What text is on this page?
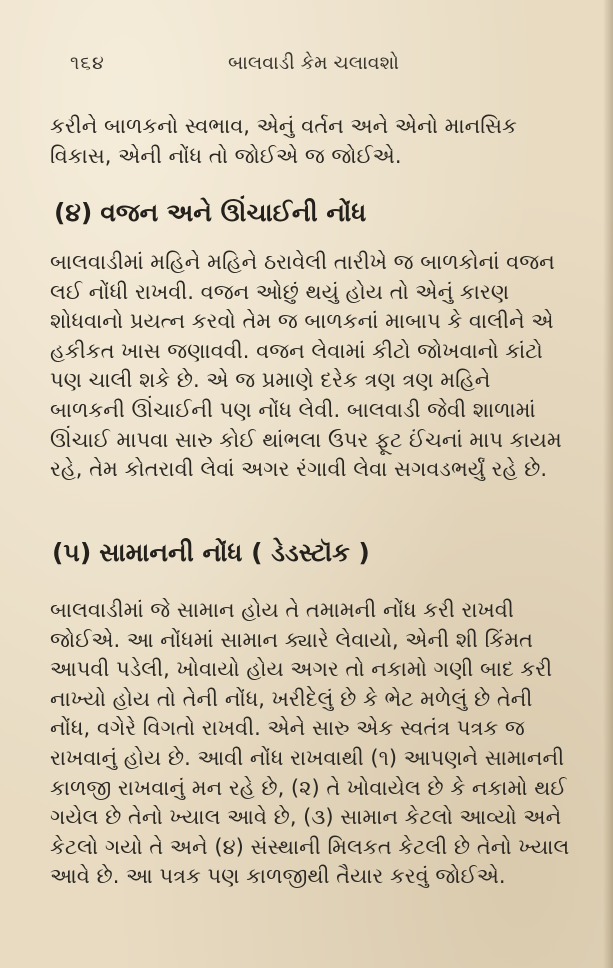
૧૬૪	બાલવાડી કેમ ચલાવશો

કરીને બાળકનો સ્વભાવ, એનું વર્તન અને એનો માનસિક વિકાસ, એની નોંધ તો જોઈએ જ જોઈએ.

(૪) વજન અને ઊંચાઈની નોંધ

બાલવાડીમાં મહિને મહિને ઠરાવેલી તારીખે જ બાળકોનાં વજન લઈ નોંધી રાખવી. વજન ઓછું થયું હોય તો એનું કારણ શોધવાનો પ્રયત્ન કરવો તેમ જ બાળકનાં માબાપ કે વાલીને એ હકીકત ખાસ જણાવવી. વજન લેવામાં કીટો જોખવાનો કાંટો પણ ચાલી શકે છે. એ જ પ્રમાણે દરેક ત્રણ ત્રણ મહિને બાળકની ઊંચાઈની પણ નોંધ લેવી. બાલવાડી જેવી શાળામાં ઊંચાઈ માપવા સારુ કોઈ થાંભલા ઉપર ફૂટ ઈંચનાં માપ કાયમ રહે, તેમ કોતરાવી લેવાં અગર રંગાવી લેવા સગવડભર્યું રહે છે.

(૫) સામાનની નોંધ ( ડેડસ્ટૉક )

બાલવાડીમાં જે સામાન હોય તે તમામની નોંધ કરી રાખવી જોઈએ. આ નોંધમાં સામાન ક્યારે લેવાયો, એની શી કિંમત આપવી પડેલી, ખોવાયો હોય અગર તો નકામો ગણી બાદ કરી નાખ્યો હોય તો તેની નોંધ, ખરીદેલું છે કે ભેટ મળેલું છે તેની નોંધ, વગેરે વિગતો રાખવી. એને સારુ એક સ્વતંત્ર પત્રક જ રાખવાનું હોય છે. આવી નોંધ રાખવાથી (૧) આપણને સામાનની કાળજી રાખવાનું મન રહે છે, (૨) તે ખોવાયેલ છે કે નકામો થઈ ગયેલ છે તેનો ખ્યાલ આવે છે, (૩) સામાન કેટલો આવ્યો અને કેટલો ગયો તે અને (૪) સંસ્થાની મિલકત કેટલી છે તેનો ખ્યાલ આવે છે. આ પત્રક પણ કાળજીથી તૈયાર કરવું જોઈએ.
